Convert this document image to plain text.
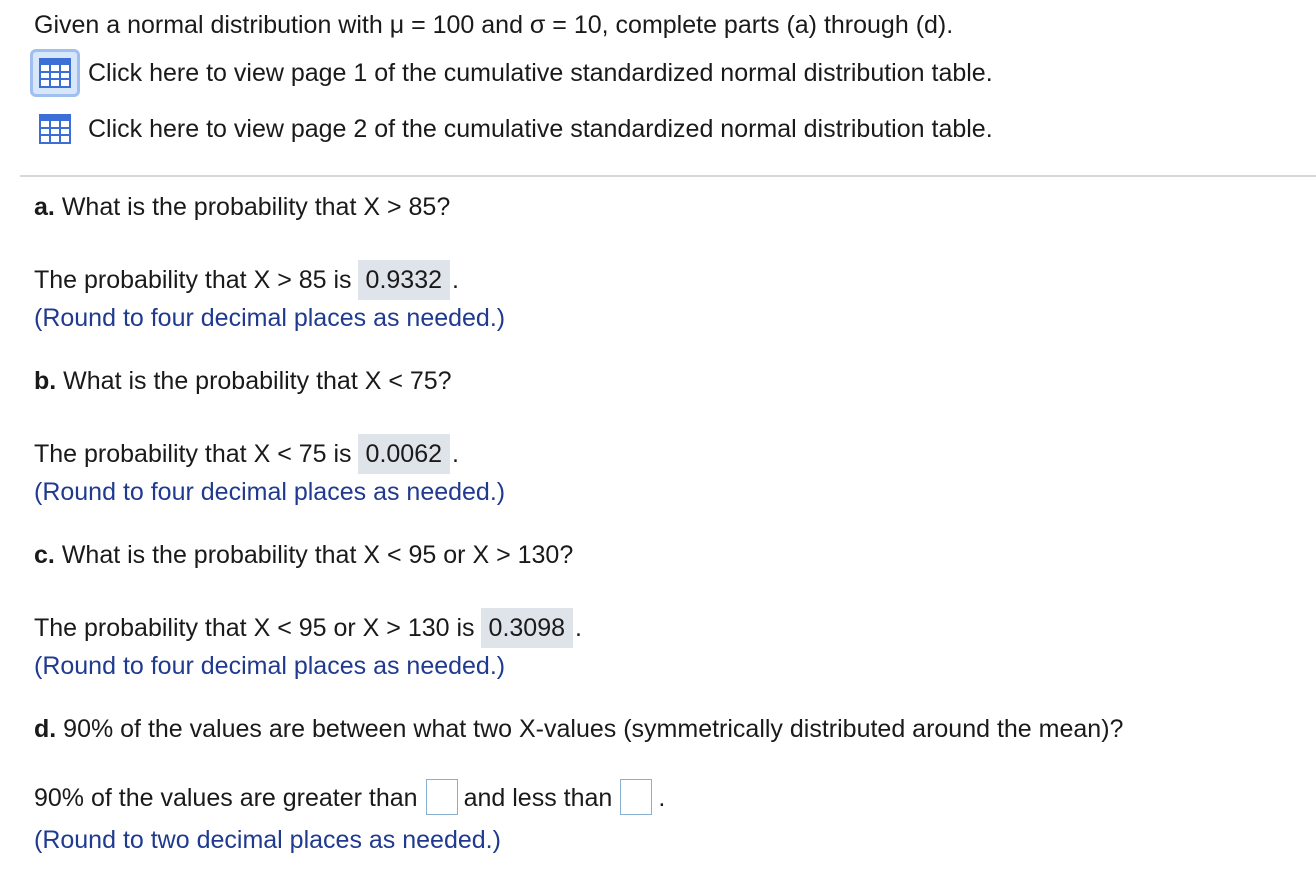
Given a normal distribution with μ = 100 and σ = 10, complete parts (a) through (d).
Click here to view page 1 of the cumulative standardized normal distribution table.
Click here to view page 2 of the cumulative standardized normal distribution table.
a. What is the probability that X > 85?
The probability that X > 85 is 0.9332 .
(Round to four decimal places as needed.)
b. What is the probability that X < 75?
The probability that X < 75 is 0.0062 .
(Round to four decimal places as needed.)
c. What is the probability that X < 95 or X > 130?
The probability that X < 95 or X > 130 is 0.3098 .
(Round to four decimal places as needed.)
d. 90% of the values are between what two X-values (symmetrically distributed around the mean)?
90% of the values are greater than and less than .
(Round to two decimal places as needed.)
